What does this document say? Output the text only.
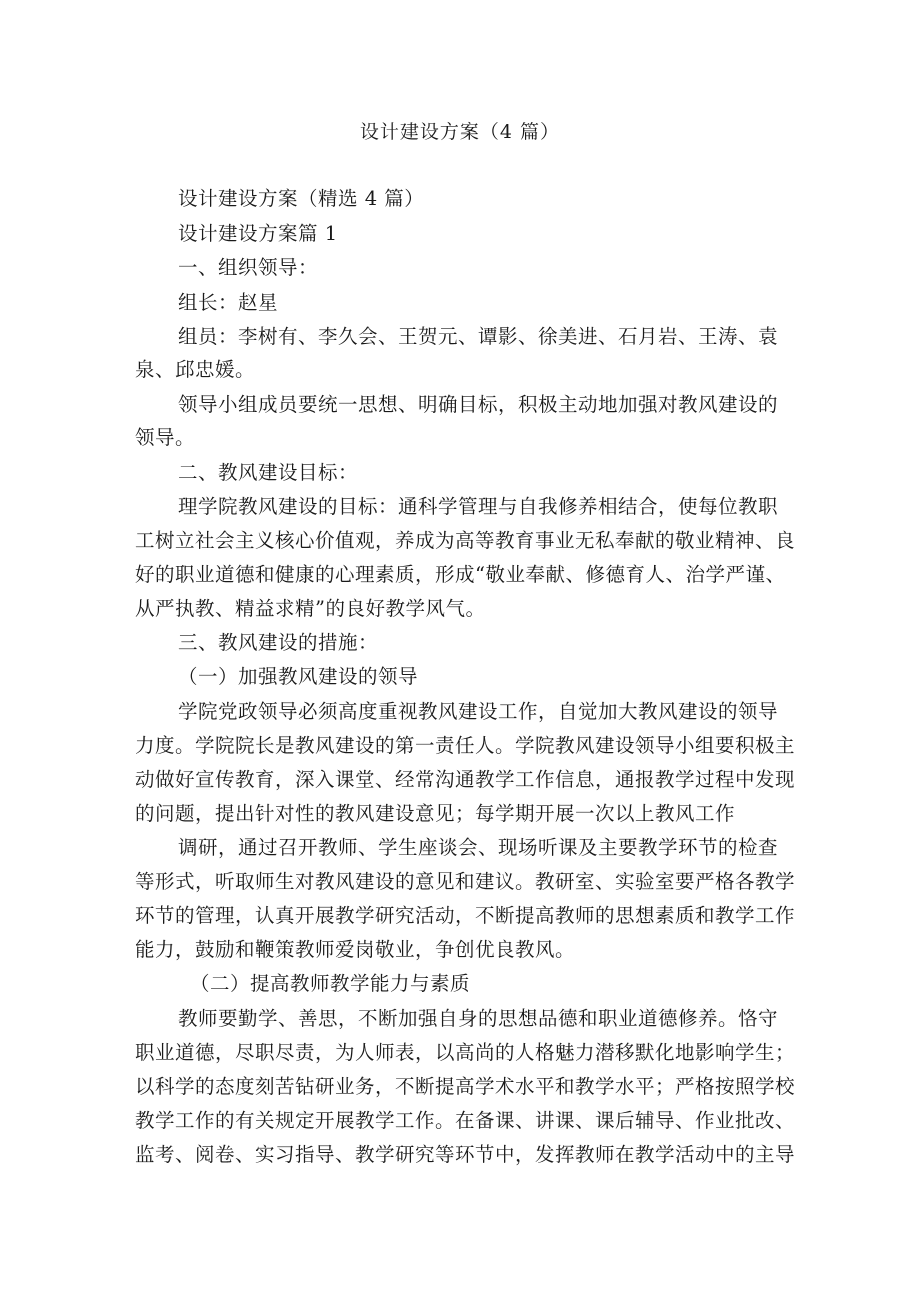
设计建设方案（4 篇）
设计建设方案（精选 4 篇）
设计建设方案篇 1
一、组织领导：
组长：赵星
组员：李树有、李久会、王贺元、谭影、徐美进、石月岩、王涛、袁
泉、邱忠媛。
领导小组成员要统一思想、明确目标，积极主动地加强对教风建设的
领导。
二、教风建设目标：
理学院教风建设的目标：通科学管理与自我修养相结合，使每位教职
工树立社会主义核心价值观，养成为高等教育事业无私奉献的敬业精神、良
好的职业道德和健康的心理素质，形成“敬业奉献、修德育人、治学严谨、
从严执教、精益求精”的良好教学风气。
三、教风建设的措施：
（一）加强教风建设的领导
学院党政领导必须高度重视教风建设工作，自觉加大教风建设的领导
力度。学院院长是教风建设的第一责任人。学院教风建设领导小组要积极主
动做好宣传教育，深入课堂、经常沟通教学工作信息，通报教学过程中发现
的问题，提出针对性的教风建设意见；每学期开展一次以上教风工作
调研，通过召开教师、学生座谈会、现场听课及主要教学环节的检查
等形式，听取师生对教风建设的意见和建议。教研室、实验室要严格各教学
环节的管理，认真开展教学研究活动，不断提高教师的思想素质和教学工作
能力，鼓励和鞭策教师爱岗敬业，争创优良教风。
（二）提高教师教学能力与素质
教师要勤学、善思，不断加强自身的思想品德和职业道德修养。恪守
职业道德，尽职尽责，为人师表，以高尚的人格魅力潜移默化地影响学生；
以科学的态度刻苦钻研业务，不断提高学术水平和教学水平；严格按照学校
教学工作的有关规定开展教学工作。在备课、讲课、课后辅导、作业批改、
监考、阅卷、实习指导、教学研究等环节中，发挥教师在教学活动中的主导
